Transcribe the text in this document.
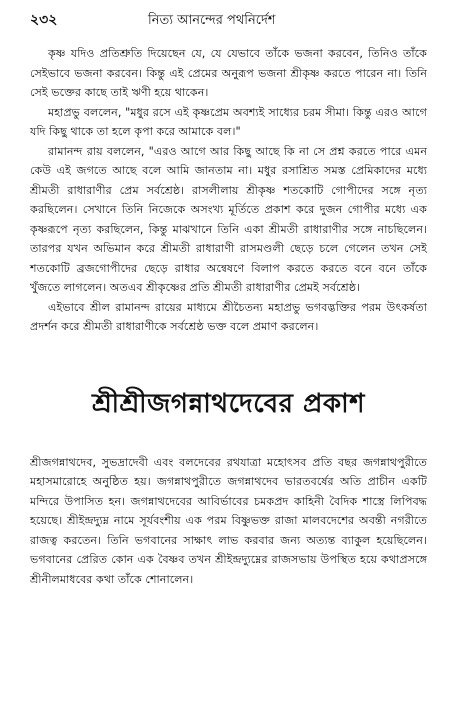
২৩২	নিত্য আনন্দের পথনির্দেশ

কৃষ্ণ যদিও প্রতিশ্রুতি দিয়েছেন যে, যে যেভাবে তাঁকে ভজনা করবেন, তিনিও তাঁকে সেইভাবে ভজনা করবেন। কিন্তু এই প্রেমের অনুরূপ ভজনা শ্রীকৃষ্ণ করতে পারেন না। তিনি সেই ভক্তের কাছে তাই ঋণী হয়ে থাকেন।

মহাপ্রভু বললেন, "মধুর রসে এই কৃষ্ণপ্রেম অবশ্যই সাধ্যের চরম সীমা। কিন্তু এরও আগে যদি কিছু থাকে তা হলে কৃপা করে আমাকে বল।"

রামানন্দ রায় বললেন, "এরও আগে আর কিছু আছে কি না সে প্রশ্ন করতে পারে এমন কেউ এই জগতে আছে বলে আমি জানতাম না। মধুর রসাশ্রিত সমস্ত প্রেমিকাদের মধ্যে শ্রীমতী রাধারাণীর প্রেম সর্বশ্রেষ্ঠ। রাসলীলায় শ্রীকৃষ্ণ শতকোটি গোপীদের সঙ্গে নৃত্য করছিলেন। সেখানে তিনি নিজেকে অসংখ্য মূর্তিতে প্রকাশ করে দুজন গোপীর মধ্যে এক কৃষ্ণরূপে নৃত্য করছিলেন, কিন্তু মাঝখানে তিনি একা শ্রীমতী রাধারাণীর সঙ্গে নাচছিলেন। তারপর যখন অভিমান করে শ্রীমতী রাধারাণী রাসমণ্ডলী ছেড়ে চলে গেলেন তখন সেই শতকোটি ব্রজগোপীদের ছেড়ে রাধার অন্বেষণে বিলাপ করতে করতে বনে বনে তাঁকে খুঁজতে লাগলেন। অতএব শ্রীকৃষ্ণের প্রতি শ্রীমতী রাধারাণীর প্রেমই সর্বশ্রেষ্ঠ।

এইভাবে শ্রীল রামানন্দ রায়ের মাধ্যমে শ্রীচৈতন্য মহাপ্রভু ভগবদ্ভক্তির পরম উৎকর্ষতা প্রদর্শন করে শ্রীমতী রাধারাণীকে সর্বশ্রেষ্ঠ ভক্ত বলে প্রমাণ করলেন।

শ্রীশ্রীজগন্নাথদেবের প্রকাশ

শ্রীজগন্নাথদেব, সুভদ্রাদেবী এবং বলদেবের রথযাত্রা মহোৎসব প্রতি বছর জগন্নাথপুরীতে মহাসমারোহে অনুষ্ঠিত হয়। জগন্নাথপুরীতে জগন্নাথদেব ভারতবর্ষের অতি প্রাচীন একটি মন্দিরে উপাসিত হন। জগন্নাথদেবের আবির্ভাবের চমকপ্রদ কাহিনী বৈদিক শাস্ত্রে লিপিবদ্ধ হয়েছে। শ্রীইন্দ্রদ্যুম্ন নামে সূর্যবংশীয় এক পরম বিষ্ণুভক্ত রাজা মালবদেশের অবন্তী নগরীতে রাজত্ব করতেন। তিনি ভগবানের সাক্ষাৎ লাভ করবার জন্য অত্যন্ত ব্যাকুল হয়েছিলেন। ভগবানের প্রেরিত কোন এক বৈষ্ণব তখন শ্রীইন্দ্রদ্যুম্নের রাজসভায় উপস্থিত হয়ে কথাপ্রসঙ্গে শ্রীনীলমাধবের কথা তাঁকে শোনালেন।
